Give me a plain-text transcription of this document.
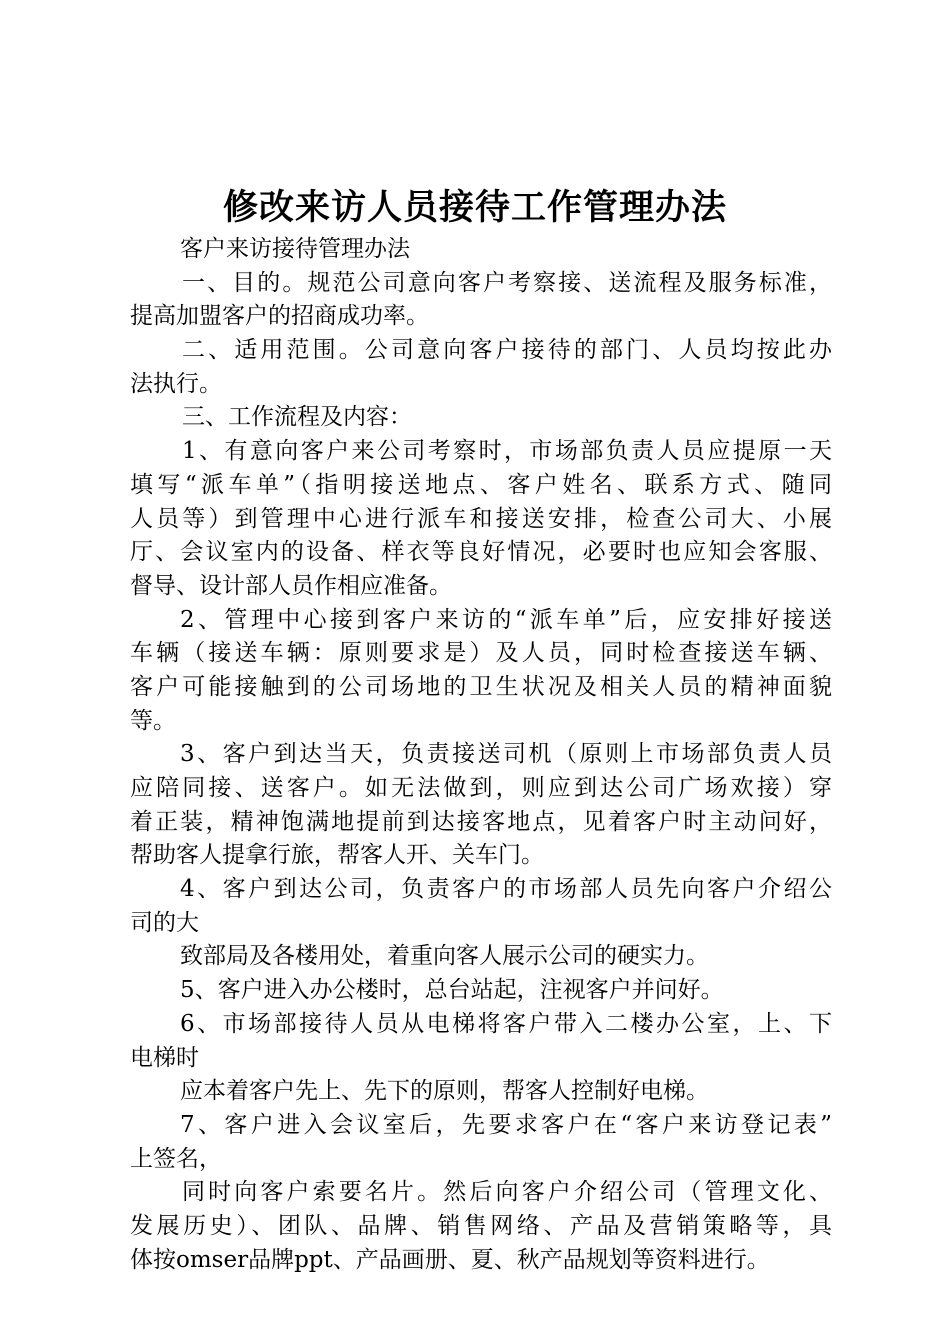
修改来访人员接待工作管理办法
客户来访接待管理办法
一、目的。规范公司意向客户考察接、送流程及服务标准，
提高加盟客户的招商成功率。
二、适用范围。公司意向客户接待的部门、人员均按此办
法执行。
三、工作流程及内容：
1、有意向客户来公司考察时，市场部负责人员应提原一天
填写“派车单”（指明接送地点、客户姓名、联系方式、随同
人员等）到管理中心进行派车和接送安排，检查公司大、小展
厅、会议室内的设备、样衣等良好情况，必要时也应知会客服、
督导、设计部人员作相应准备。
2、管理中心接到客户来访的“派车单”后，应安排好接送
车辆（接送车辆：原则要求是）及人员，同时检查接送车辆、
客户可能接触到的公司场地的卫生状况及相关人员的精神面貌
等。
3、客户到达当天，负责接送司机（原则上市场部负责人员
应陪同接、送客户。如无法做到，则应到达公司广场欢接）穿
着正装，精神饱满地提前到达接客地点，见着客户时主动问好，
帮助客人提拿行旅，帮客人开、关车门。
4、客户到达公司，负责客户的市场部人员先向客户介绍公
司的大
致部局及各楼用处，着重向客人展示公司的硬实力。
5、客户进入办公楼时，总台站起，注视客户并问好。
6、市场部接待人员从电梯将客户带入二楼办公室，上、下
电梯时
应本着客户先上、先下的原则，帮客人控制好电梯。
7、客户进入会议室后，先要求客户在“客户来访登记表”
上签名，
同时向客户索要名片。然后向客户介绍公司（管理文化、
发展历史）、团队、品牌、销售网络、产品及营销策略等，具
体按omser品牌ppt、产品画册、夏、秋产品规划等资料进行。
